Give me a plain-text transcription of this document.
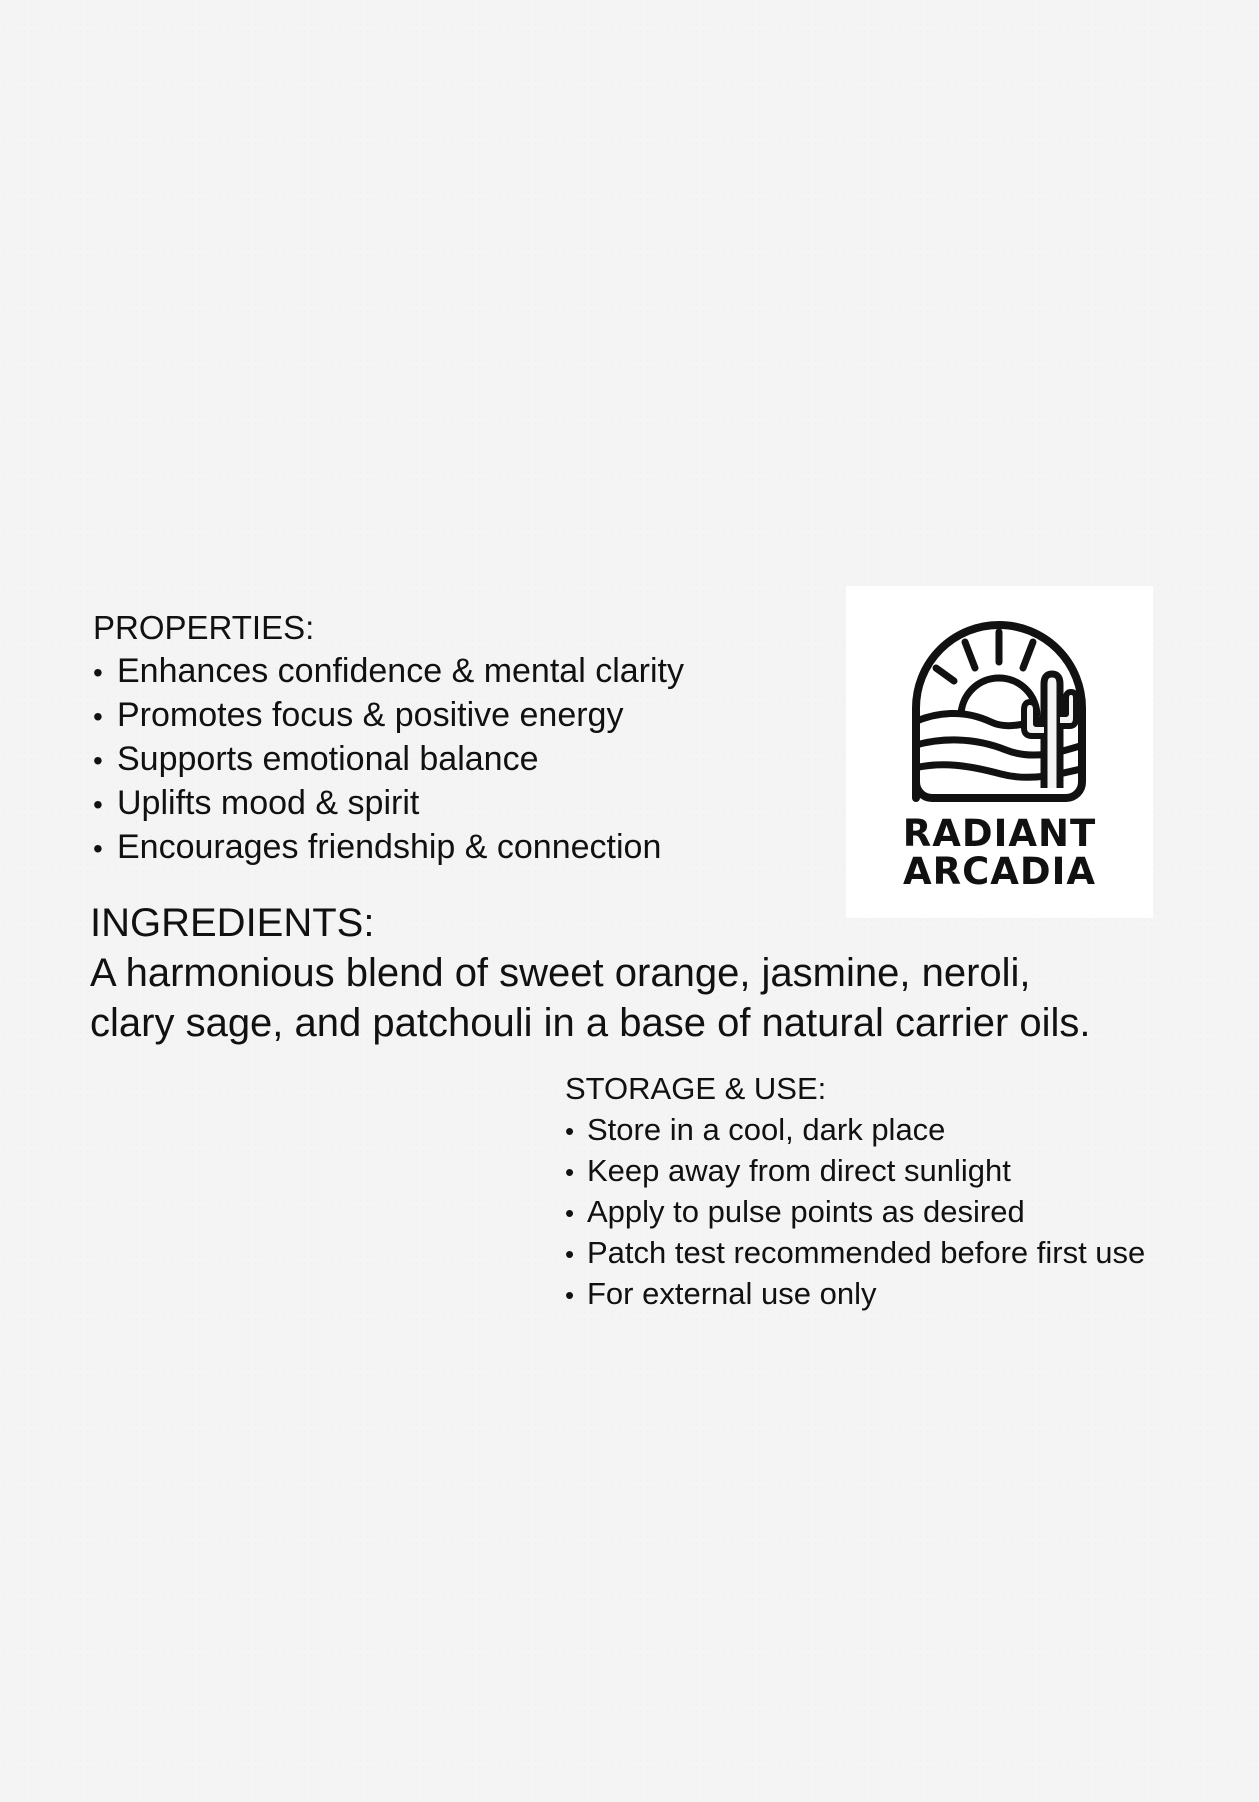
PROPERTIES:
• Enhances confidence & mental clarity
• Promotes focus & positive energy
• Supports emotional balance
• Uplifts mood & spirit
• Encourages friendship & connection	RADIANT
ARCADIA
INGREDIENTS:

A harmonious blend of sweet orange, jasmine, neroli,

clary sage, and patchouli in a base of natural carrier oils.

STORAGE & USE:
• Store in a cool, dark place
• Keep away from direct sunlight
• Apply to pulse points as desired
• Patch test recommended before first use
• For external use only
